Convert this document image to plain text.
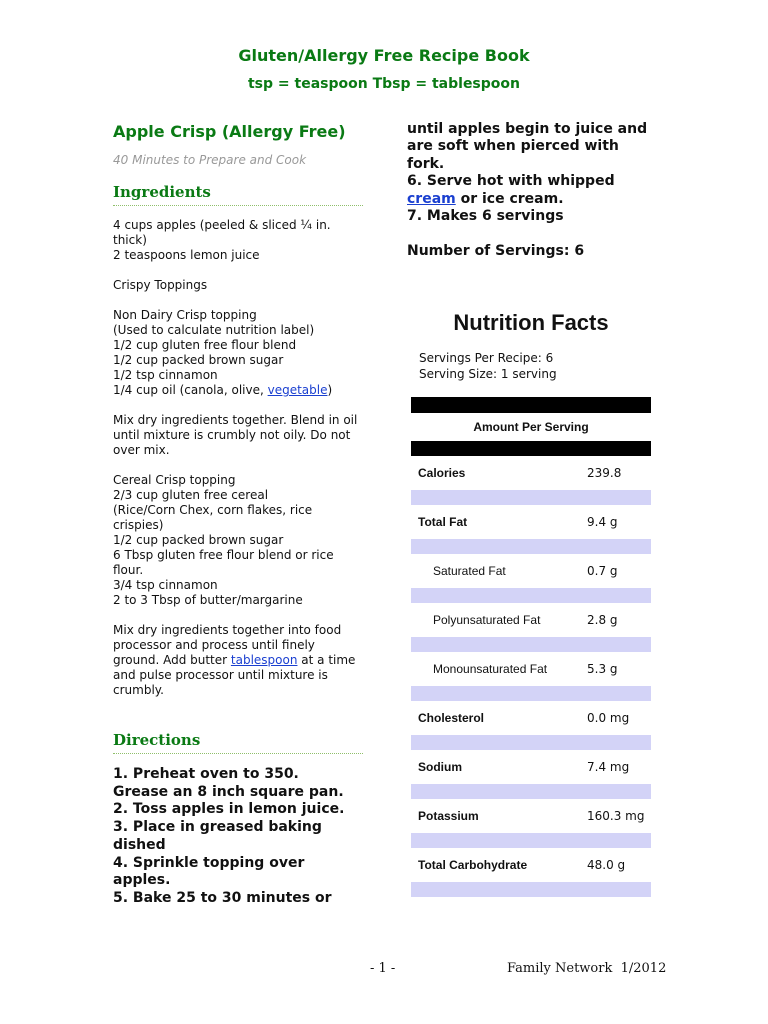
Gluten/Allergy Free Recipe Book
tsp = teaspoon Tbsp = tablespoon
Apple Crisp (Allergy Free)
40 Minutes to Prepare and Cook
Ingredients

4 cups apples (peeled & sliced ¼ in. thick)
2 teaspoons lemon juice

Crispy Toppings

Non Dairy Crisp topping
(Used to calculate nutrition label)
1/2 cup gluten free flour blend
1/2 cup packed brown sugar
1/2 tsp cinnamon
1/4 cup oil (canola, olive, vegetable)

Mix dry ingredients together. Blend in oil until mixture is crumbly not oily. Do not over mix.

Cereal Crisp topping
2/3 cup gluten free cereal
(Rice/Corn Chex, corn flakes, rice crispies)
1/2 cup packed brown sugar
6 Tbsp gluten free flour blend or rice flour.
3/4 tsp cinnamon
2 to 3 Tbsp of butter/margarine

Mix dry ingredients together into food processor and process until finely ground. Add butter tablespoon at a time and pulse processor until mixture is crumbly.

Directions
1. Preheat oven to 350.
Grease an 8 inch square pan.
2. Toss apples in lemon juice.
3. Place in greased baking dished
4. Sprinkle topping over apples.
5. Bake 25 to 30 minutes or
until apples begin to juice and
are soft when pierced with
fork.
6. Serve hot with whipped
cream or ice cream.
7. Makes 6 servings
Number of Servings: 6
Nutrition Facts
Servings Per Recipe: 6
Serving Size: 1 serving
Amount Per Serving
Calories	239.8
Total Fat	9.4 g
Saturated Fat	0.7 g
Polyunsaturated Fat	2.8 g
Monounsaturated Fat	5.3 g
Cholesterol	0.0 mg
Sodium	7.4 mg
Potassium	160.3 mg
Total Carbohydrate	48.0 g
- 1 -	Family Network  1/2012
